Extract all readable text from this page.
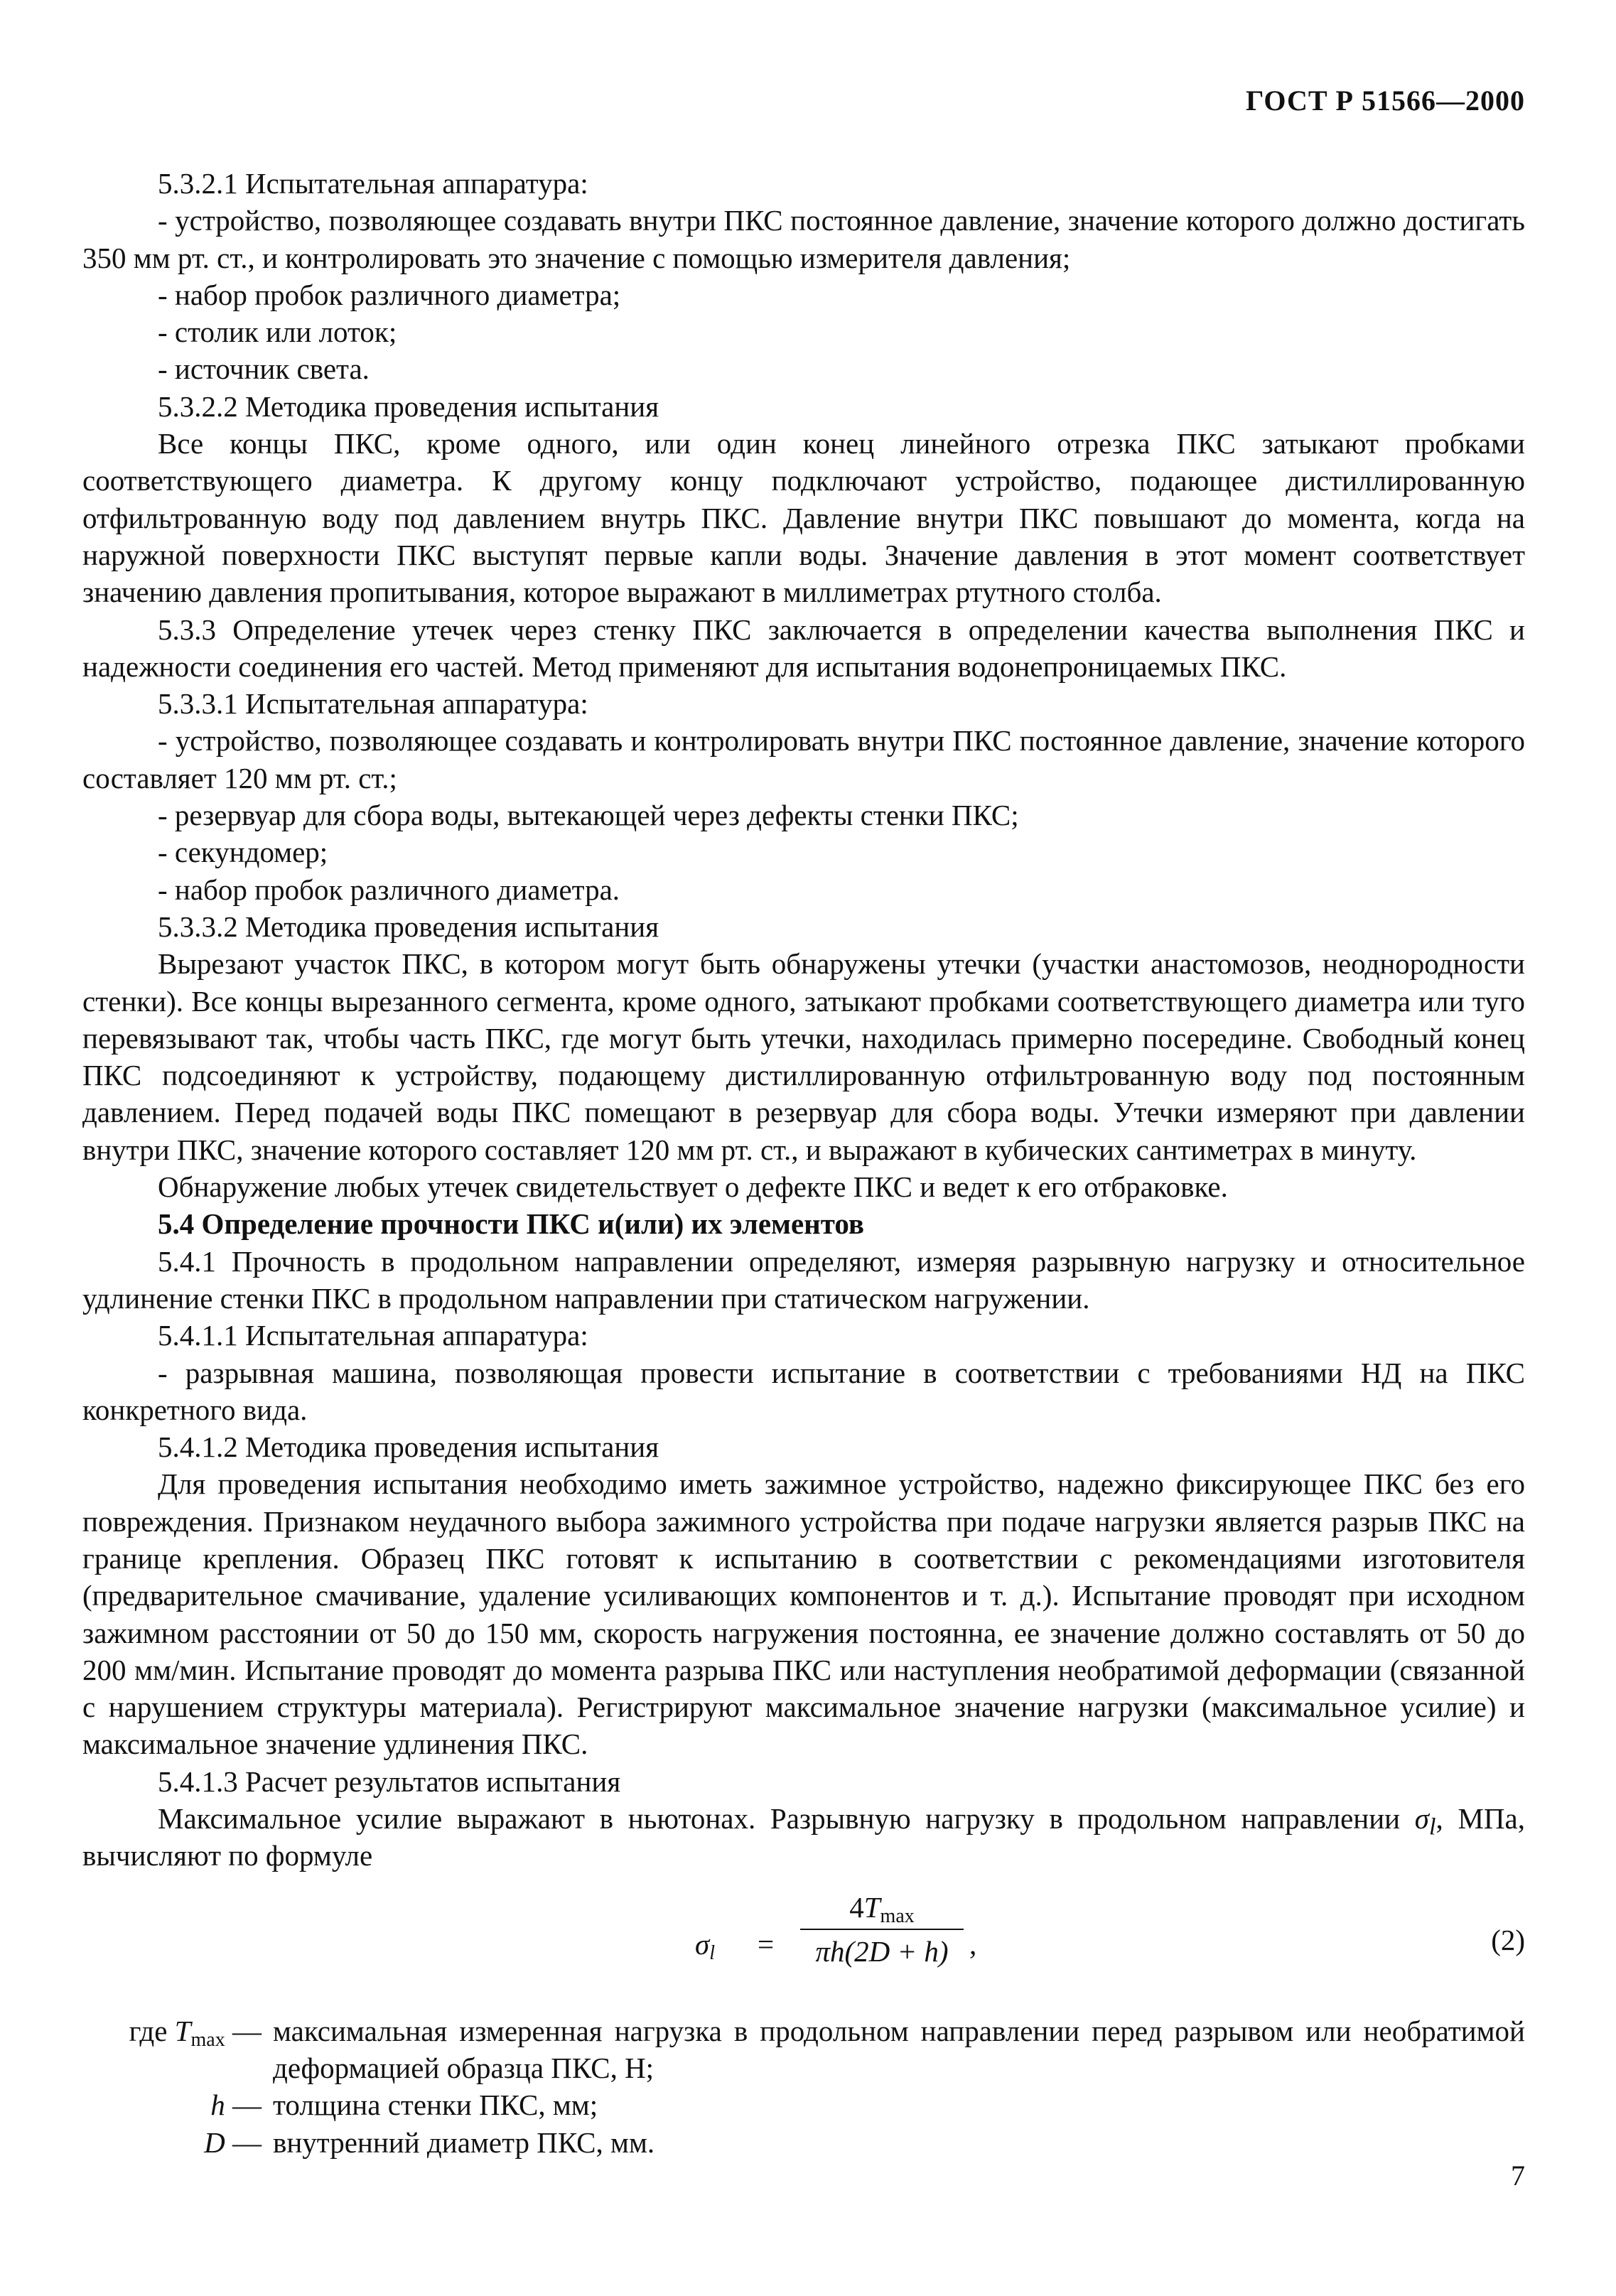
ГОСТ Р 51566—2000

5.3.2.1 Испытательная аппаратура:

- устройство, позволяющее создавать внутри ПКС постоянное давление, значение которого должно достигать 350 мм рт. ст., и контролировать это значение с помощью измерителя давления;

- набор пробок различного диаметра;

- столик или лоток;

- источник света.

5.3.2.2 Методика проведения испытания

Все концы ПКС, кроме одного, или один конец линейного отрезка ПКС затыкают пробками соответствующего диаметра. К другому концу подключают устройство, подающее дистиллированную отфильтрованную воду под давлением внутрь ПКС. Давление внутри ПКС повышают до момента, когда на наружной поверхности ПКС выступят первые капли воды. Значение давления в этот момент соответствует значению давления пропитывания, которое выражают в миллиметрах ртутного столба.

5.3.3 Определение утечек через стенку ПКС заключается в определении качества выполнения ПКС и надежности соединения его частей. Метод применяют для испытания водонепроницаемых ПКС.

5.3.3.1 Испытательная аппаратура:

- устройство, позволяющее создавать и контролировать внутри ПКС постоянное давление, значение которого составляет 120 мм рт. ст.;

- резервуар для сбора воды, вытекающей через дефекты стенки ПКС;

- секундомер;

- набор пробок различного диаметра.

5.3.3.2 Методика проведения испытания

Вырезают участок ПКС, в котором могут быть обнаружены утечки (участки анастомозов, неоднородности стенки). Все концы вырезанного сегмента, кроме одного, затыкают пробками соответствующего диаметра или туго перевязывают так, чтобы часть ПКС, где могут быть утечки, находилась примерно посередине. Свободный конец ПКС подсоединяют к устройству, подающему дистиллированную отфильтрованную воду под постоянным давлением. Перед подачей воды ПКС помещают в резервуар для сбора воды. Утечки измеряют при давлении внутри ПКС, значение которого составляет 120 мм рт. ст., и выражают в кубических сантиметрах в минуту.

Обнаружение любых утечек свидетельствует о дефекте ПКС и ведет к его отбраковке.

5.4 Определение прочности ПКС и(или) их элементов

5.4.1 Прочность в продольном направлении определяют, измеряя разрывную нагрузку и относительное удлинение стенки ПКС в продольном направлении при статическом нагружении.

5.4.1.1 Испытательная аппаратура:

- разрывная машина, позволяющая провести испытание в соответствии с требованиями НД на ПКС конкретного вида.

5.4.1.2 Методика проведения испытания

Для проведения испытания необходимо иметь зажимное устройство, надежно фиксирующее ПКС без его повреждения. Признаком неудачного выбора зажимного устройства при подаче нагрузки является разрыв ПКС на границе крепления. Образец ПКС готовят к испытанию в соответствии с рекомендациями изготовителя (предварительное смачивание, удаление усиливающих компонентов и т. д.). Испытание проводят при исходном зажимном расстоянии от 50 до 150 мм, скорость нагружения постоянна, ее значение должно составлять от 50 до 200 мм/мин. Испытание проводят до момента разрыва ПКС или наступления необратимой деформации (связанной с нарушением структуры материала). Регистрируют максимальное значение нагрузки (максимальное усилие) и максимальное значение удлинения ПКС.

5.4.1.3 Расчет результатов испытания

Максимальное усилие выражают в ньютонах. Разрывную нагрузку в продольном направлении $\sigma_l$, МПа, вычисляют по формуле

$\sigma_l$ =
$4T_{max}$
πh(2D + h) ,	(2)
где $T_{max}$ — максимальная измеренная нагрузка в продольном направлении перед разрывом или необратимой деформацией образца ПКС, Н;
h — толщина стенки ПКС, мм;
D — внутренний диаметр ПКС, мм.
7
